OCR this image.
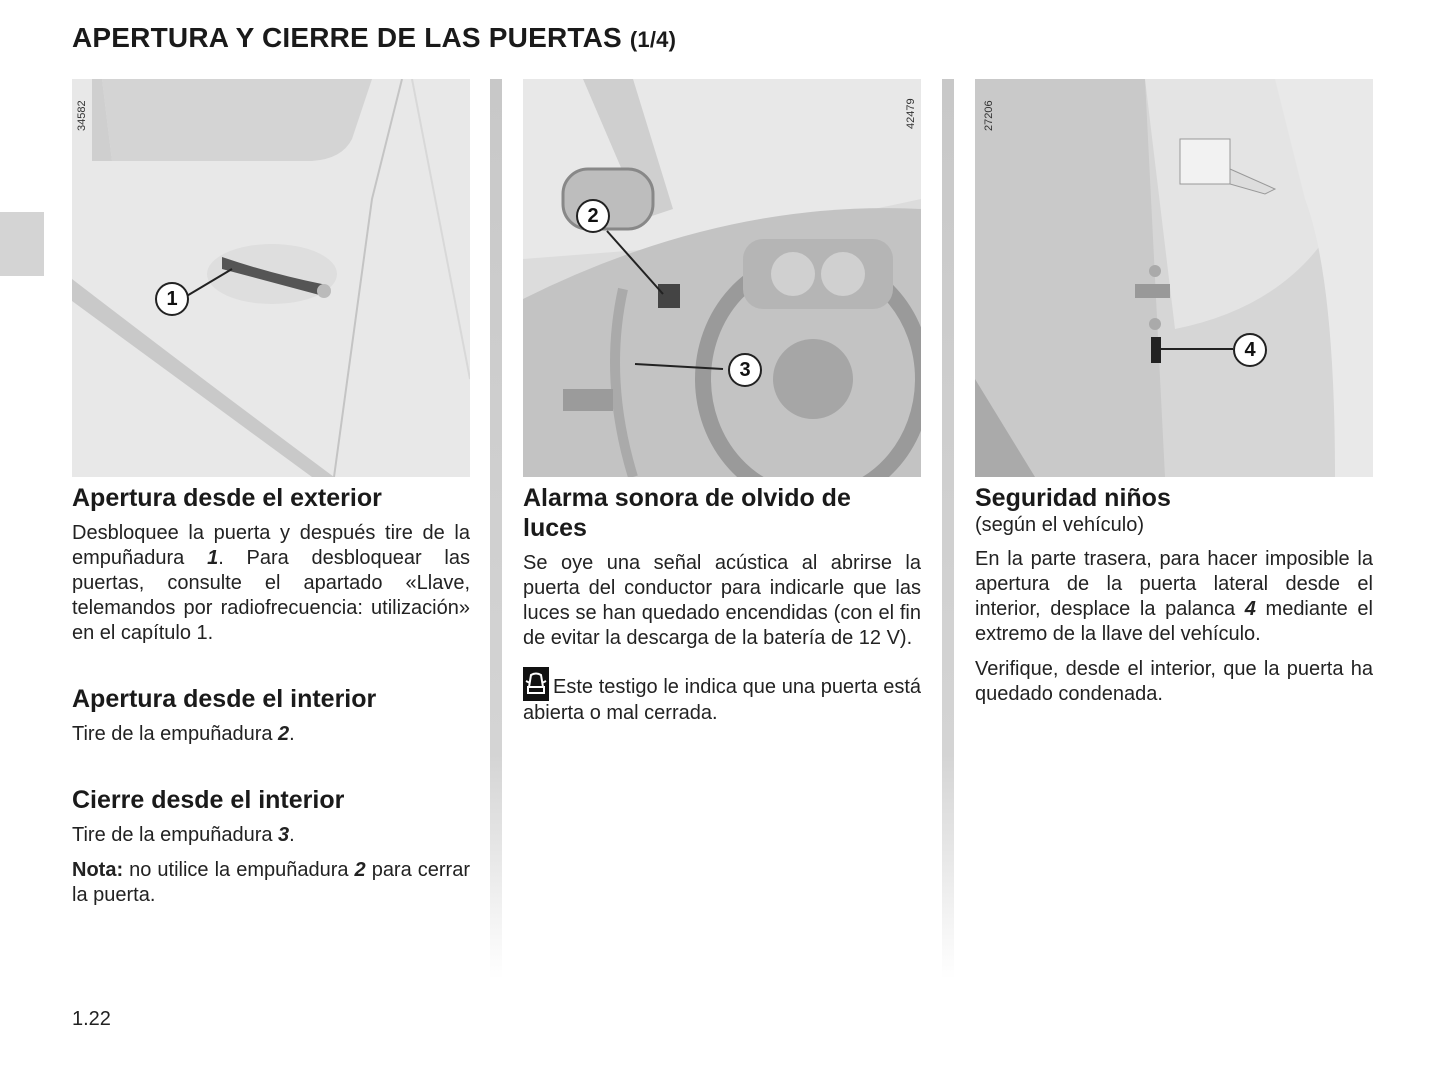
APERTURA Y CIERRE DE LAS PUERTAS (1/4)
34582
1
Apertura desde el exterior

Desbloquee la puerta y después tire de la empuñadura 1. Para desbloquear las puertas, consulte el apartado «Llave, telemandos por radiofrecuencia: utilización» en el capítulo 1.

Apertura desde el interior

Tire de la empuñadura 2.

Cierre desde el interior

Tire de la empuñadura 3.

Nota: no utilice la empuñadura 2 para cerrar la puerta.

42479
2
3
Alarma sonora de olvido de luces

Se oye una señal acústica al abrirse la puerta del conductor para indicarle que las luces se han quedado encendidas (con el fin de evitar la descarga de la batería de 12 V).

Este testigo le indica que una puerta está abierta o mal cerrada.

27206
4
Seguridad niños
(según el vehículo)

En la parte trasera, para hacer imposible la apertura de la puerta lateral desde el interior, desplace la palanca 4 mediante el extremo de la llave del vehículo.

Verifique, desde el interior, que la puerta ha quedado condenada.

1.22
